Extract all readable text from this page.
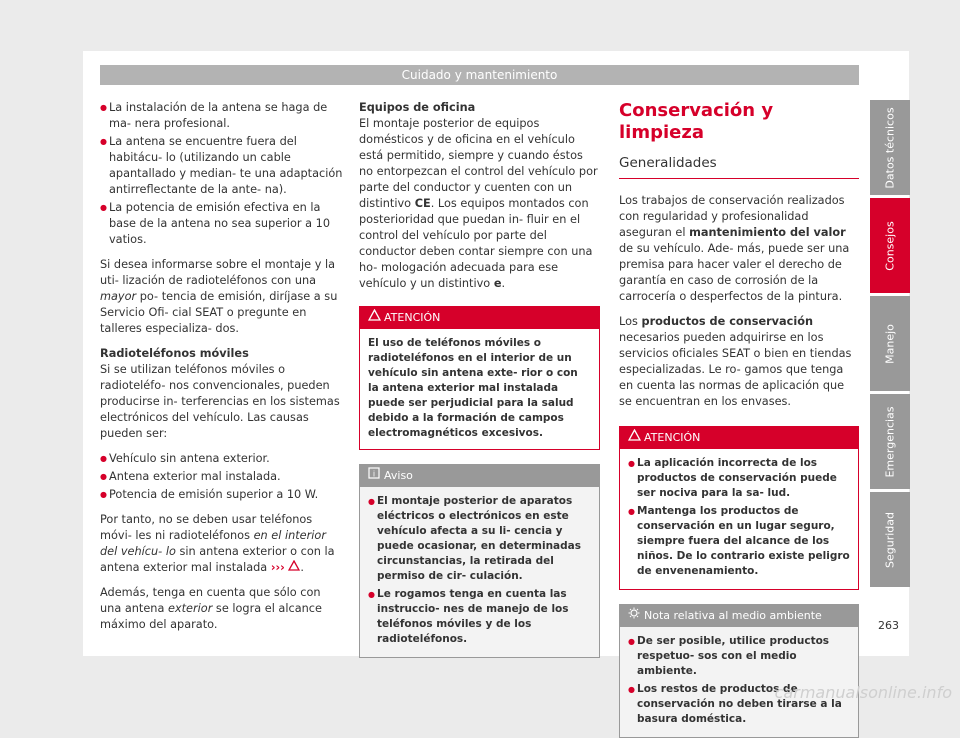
Cuidado y mantenimiento
● La instalación de la antena se haga de ma- nera profesional.
● La antena se encuentre fuera del habitácu- lo (utilizando un cable apantallado y median- te una adaptación antirreflectante de la ante- na).
● La potencia de emisión efectiva en la base de la antena no sea superior a 10 vatios.

Si desea informarse sobre el montaje y la uti- lización de radioteléfonos con una mayor po- tencia de emisión, diríjase a su Servicio Ofi- cial SEAT o pregunte en talleres especializa- dos.

Radioteléfonos móviles

Si se utilizan teléfonos móviles o radioteléfo- nos convencionales, pueden producirse in- terferencias en los sistemas electrónicos del vehículo. Las causas pueden ser:

● Vehículo sin antena exterior.
● Antena exterior mal instalada.
● Potencia de emisión superior a 10 W.

Por tanto, no se deben usar teléfonos móvi- les ni radioteléfonos en el interior del vehícu- lo sin antena exterior o con la antena exterior mal instalada ››› .

Además, tenga en cuenta que sólo con una antena exterior se logra el alcance máximo del aparato.

Equipos de oficina

El montaje posterior de equipos domésticos y de oficina en el vehículo está permitido, siempre y cuando éstos no entorpezcan el control del vehículo por parte del conductor y cuenten con un distintivo CE. Los equipos montados con posterioridad que puedan in- fluir en el control del vehículo por parte del conductor deben contar siempre con una ho- mologación adecuada para ese vehículo y un distintivo e.

ATENCIÓN
El uso de teléfonos móviles o radioteléfonos en el interior de un vehículo sin antena exte- rior o con la antena exterior mal instalada puede ser perjudicial para la salud debido a la formación de campos electromagnéticos excesivos.
i Aviso
● El montaje posterior de aparatos eléctricos o electrónicos en este vehículo afecta a su li- cencia y puede ocasionar, en determinadas circunstancias, la retirada del permiso de cir- culación.
● Le rogamos tenga en cuenta las instruccio- nes de manejo de los teléfonos móviles y de los radioteléfonos.
Conservación y limpieza
Generalidades

Los trabajos de conservación realizados con regularidad y profesionalidad aseguran el mantenimiento del valor de su vehículo. Ade- más, puede ser una premisa para hacer valer el derecho de garantía en caso de corrosión de la carrocería o desperfectos de la pintura.

Los productos de conservación necesarios pueden adquirirse en los servicios oficiales SEAT o bien en tiendas especializadas. Le ro- gamos que tenga en cuenta las normas de aplicación que se encuentran en los envases.

ATENCIÓN
● La aplicación incorrecta de los productos de conservación puede ser nociva para la sa- lud.
● Mantenga los productos de conservación en un lugar seguro, siempre fuera del alcance de los niños. De lo contrario existe peligro de envenenamiento.
Nota relativa al medio ambiente
● De ser posible, utilice productos respetuo- sos con el medio ambiente.
● Los restos de productos de conservación no deben tirarse a la basura doméstica.
Datos técnicos
Consejos
Manejo
Emergencias
Seguridad
263
carmanualsonline.info
